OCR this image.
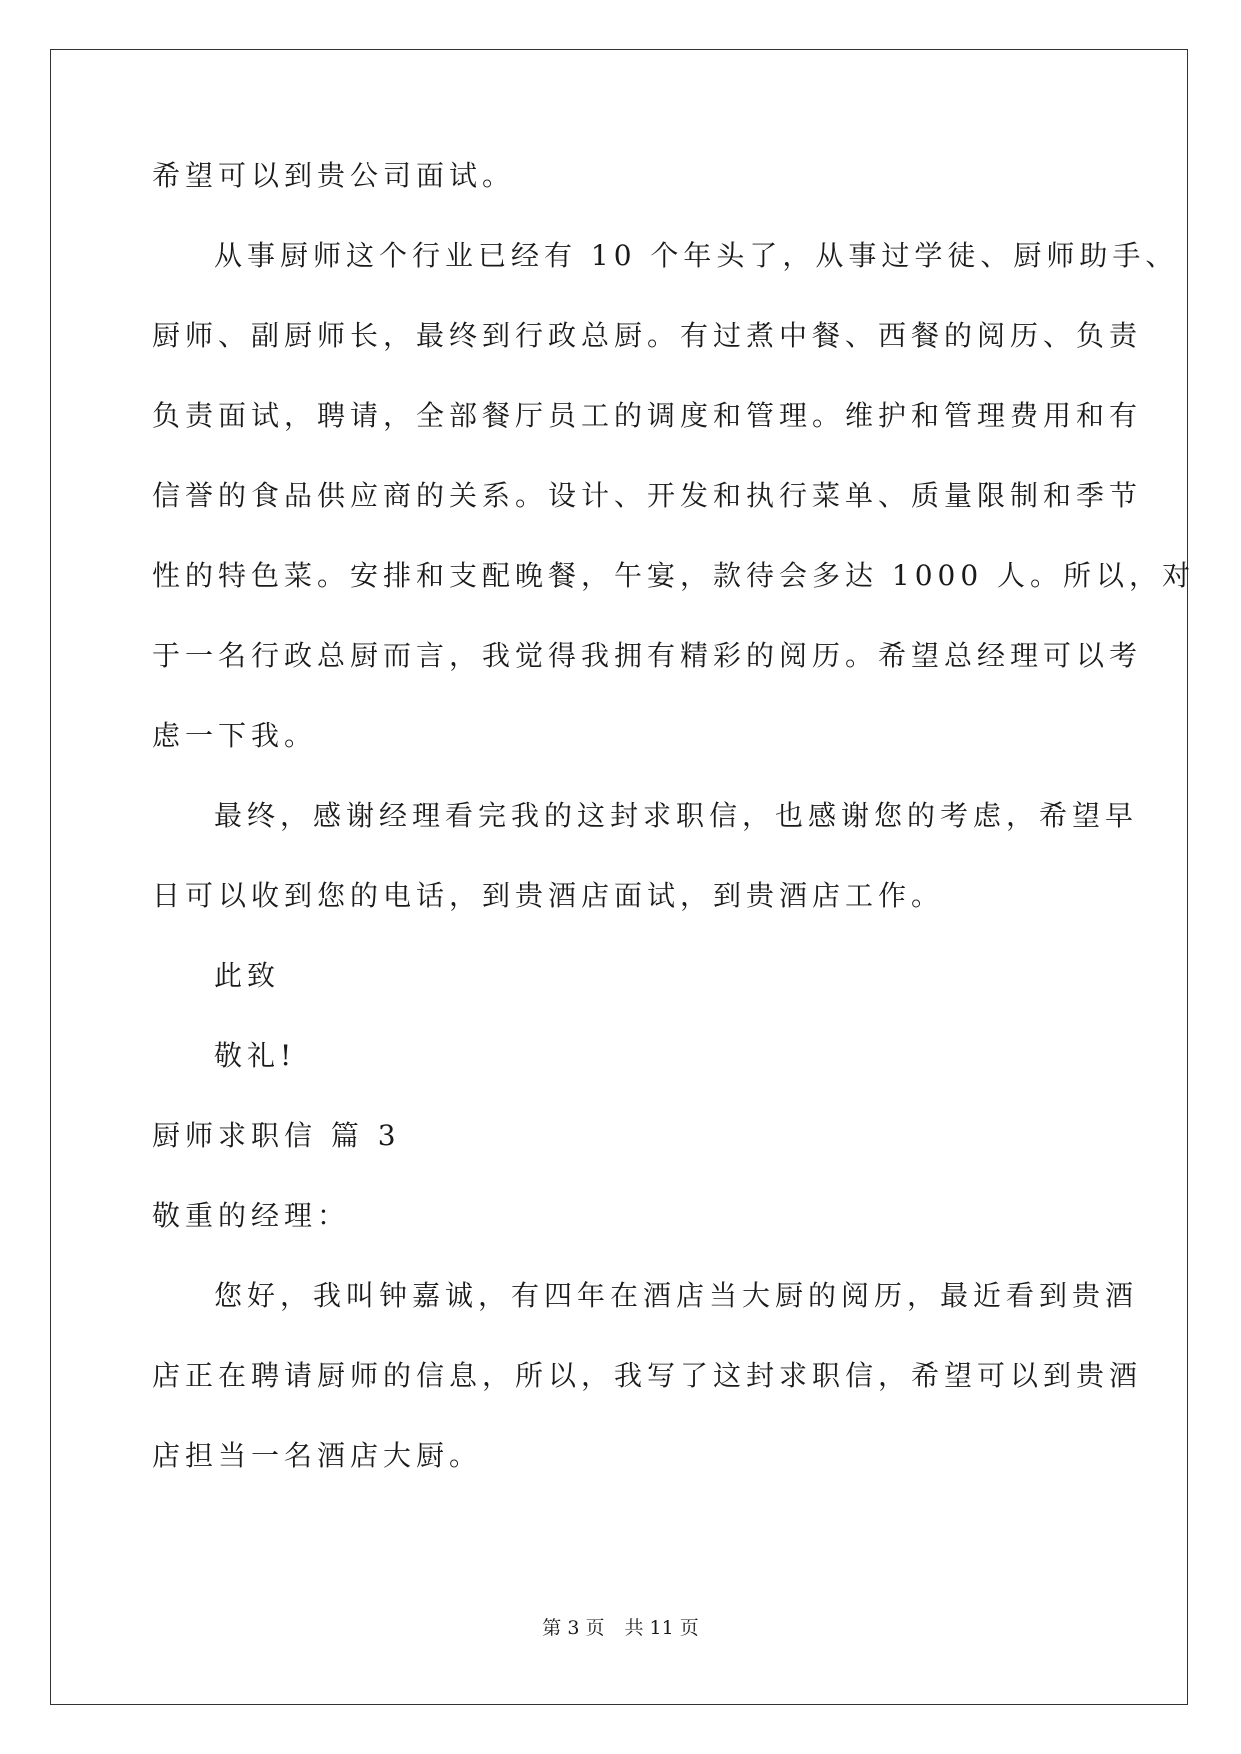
希望可以到贵公司面试。
从事厨师这个行业已经有 10 个年头了，从事过学徒、厨师助手、
厨师、副厨师长，最终到行政总厨。有过煮中餐、西餐的阅历、负责
负责面试，聘请，全部餐厅员工的调度和管理。维护和管理费用和有
信誉的食品供应商的关系。设计、开发和执行菜单、质量限制和季节
性的特色菜。安排和支配晚餐，午宴，款待会多达 1000 人。所以，对
于一名行政总厨而言，我觉得我拥有精彩的阅历。希望总经理可以考
虑一下我。
最终，感谢经理看完我的这封求职信，也感谢您的考虑，希望早
日可以收到您的电话，到贵酒店面试，到贵酒店工作。
此致
敬礼!
厨师求职信 篇 3
敬重的经理：
您好，我叫钟嘉诚，有四年在酒店当大厨的阅历，最近看到贵酒
店正在聘请厨师的信息，所以，我写了这封求职信，希望可以到贵酒
店担当一名酒店大厨。
第 3 页 共 11 页
